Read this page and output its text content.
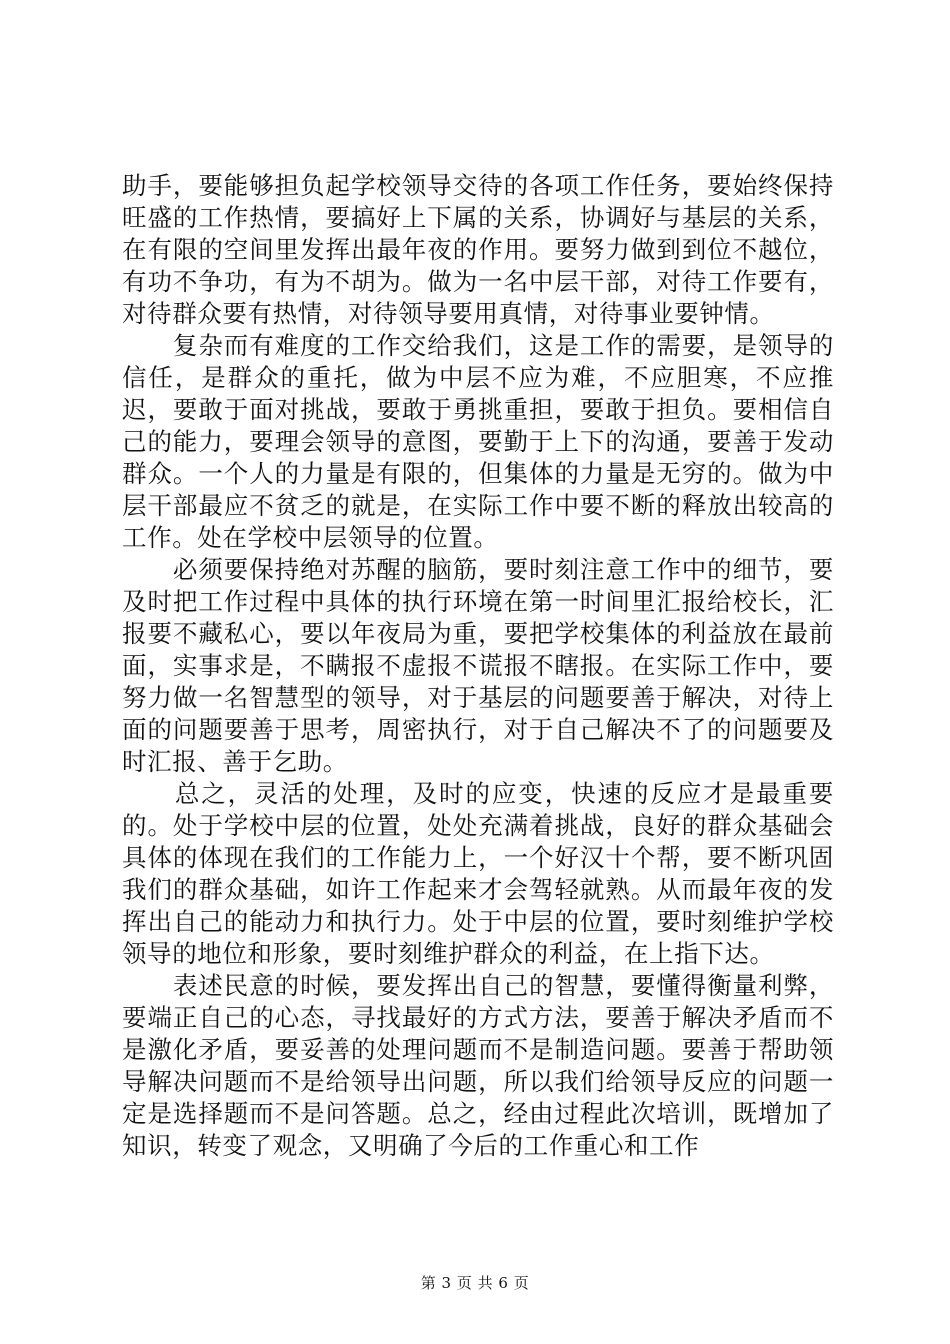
助手，要能够担负起学校领导交待的各项工作任务，要始终保持旺盛的工作热情，要搞好上下属的关系，协调好与基层的关系，在有限的空间里发挥出最年夜的作用。要努力做到到位不越位，有功不争功，有为不胡为。做为一名中层干部，对待工作要有，对待群众要有热情，对待领导要用真情，对待事业要钟情。

　　复杂而有难度的工作交给我们，这是工作的需要，是领导的信任，是群众的重托，做为中层不应为难，不应胆寒，不应推迟，要敢于面对挑战，要敢于勇挑重担，要敢于担负。要相信自己的能力，要理会领导的意图，要勤于上下的沟通，要善于发动群众。一个人的力量是有限的，但集体的力量是无穷的。做为中层干部最应不贫乏的就是，在实际工作中要不断的释放出较高的工作。处在学校中层领导的位置。

　　必须要保持绝对苏醒的脑筋，要时刻注意工作中的细节，要及时把工作过程中具体的执行环境在第一时间里汇报给校长，汇报要不藏私心，要以年夜局为重，要把学校集体的利益放在最前面，实事求是，不瞒报不虚报不谎报不瞎报。在实际工作中，要努力做一名智慧型的领导，对于基层的问题要善于解决，对待上面的问题要善于思考，周密执行，对于自己解决不了的问题要及时汇报、善于乞助。

　　总之，灵活的处理，及时的应变，快速的反应才是最重要的。处于学校中层的位置，处处充满着挑战，良好的群众基础会具体的体现在我们的工作能力上，一个好汉十个帮，要不断巩固我们的群众基础，如许工作起来才会驾轻就熟。从而最年夜的发挥出自己的能动力和执行力。处于中层的位置，要时刻维护学校领导的地位和形象，要时刻维护群众的利益，在上指下达。

　　表述民意的时候，要发挥出自己的智慧，要懂得衡量利弊，要端正自己的心态，寻找最好的方式方法，要善于解决矛盾而不是激化矛盾，要妥善的处理问题而不是制造问题。要善于帮助领导解决问题而不是给领导出问题，所以我们给领导反应的问题一定是选择题而不是问答题。总之，经由过程此次培训，既增加了知识，转变了观念，又明确了今后的工作重心和工作

第 3 页 共 6 页
